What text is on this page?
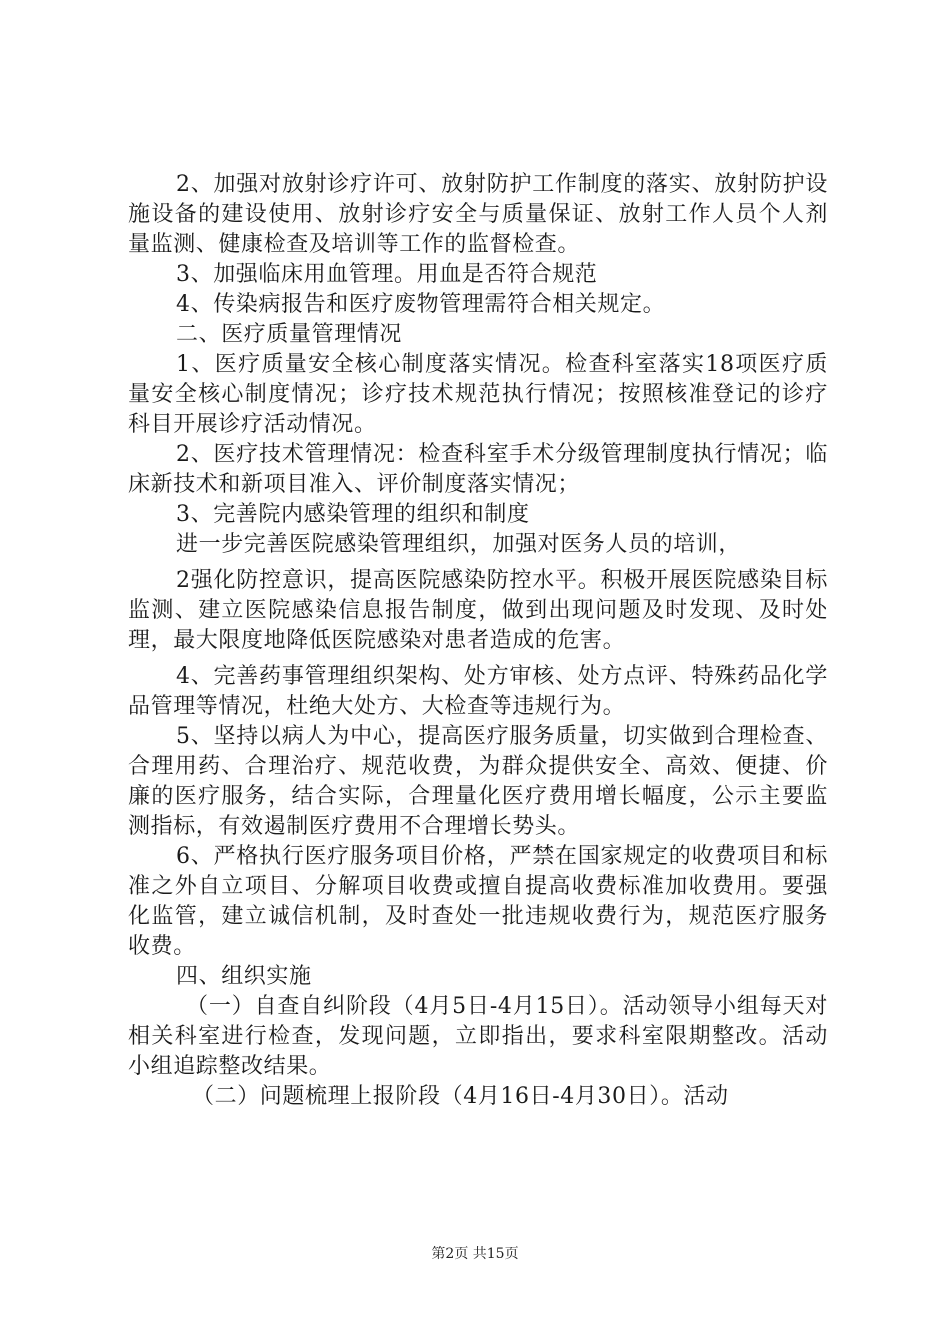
2、加强对放射诊疗许可、放射防护工作制度的落实、放射防护设施设备的建设使用、放射诊疗安全与质量保证、放射工作人员个人剂量监测、健康检查及培训等工作的监督检查。

3、加强临床用血管理。用血是否符合规范

4、传染病报告和医疗废物管理需符合相关规定。

二、医疗质量管理情况

1、医疗质量安全核心制度落实情况。检查科室落实18项医疗质量安全核心制度情况；诊疗技术规范执行情况；按照核准登记的诊疗科目开展诊疗活动情况。

2、医疗技术管理情况：检查科室手术分级管理制度执行情况；临床新技术和新项目准入、评价制度落实情况；

3、完善院内感染管理的组织和制度

进一步完善医院感染管理组织，加强对医务人员的培训，

2强化防控意识，提高医院感染防控水平。积极开展医院感染目标监测、建立医院感染信息报告制度，做到出现问题及时发现、及时处理，最大限度地降低医院感染对患者造成的危害。

4、完善药事管理组织架构、处方审核、处方点评、特殊药品化学品管理等情况，杜绝大处方、大检查等违规行为。

5、坚持以病人为中心，提高医疗服务质量，切实做到合理检查、合理用药、合理治疗、规范收费，为群众提供安全、高效、便捷、价廉的医疗服务，结合实际，合理量化医疗费用增长幅度，公示主要监测指标，有效遏制医疗费用不合理增长势头。

6、严格执行医疗服务项目价格，严禁在国家规定的收费项目和标准之外自立项目、分解项目收费或擅自提高收费标准加收费用。要强化监管，建立诚信机制，及时查处一批违规收费行为，规范医疗服务收费。

四、组织实施

（一）自查自纠阶段（4月5日-4月15日）。活动领导小组每天对相关科室进行检查，发现问题，立即指出，要求科室限期整改。活动小组追踪整改结果。

（二）问题梳理上报阶段（4月16日-4月30日）。活动

第2页 共15页
